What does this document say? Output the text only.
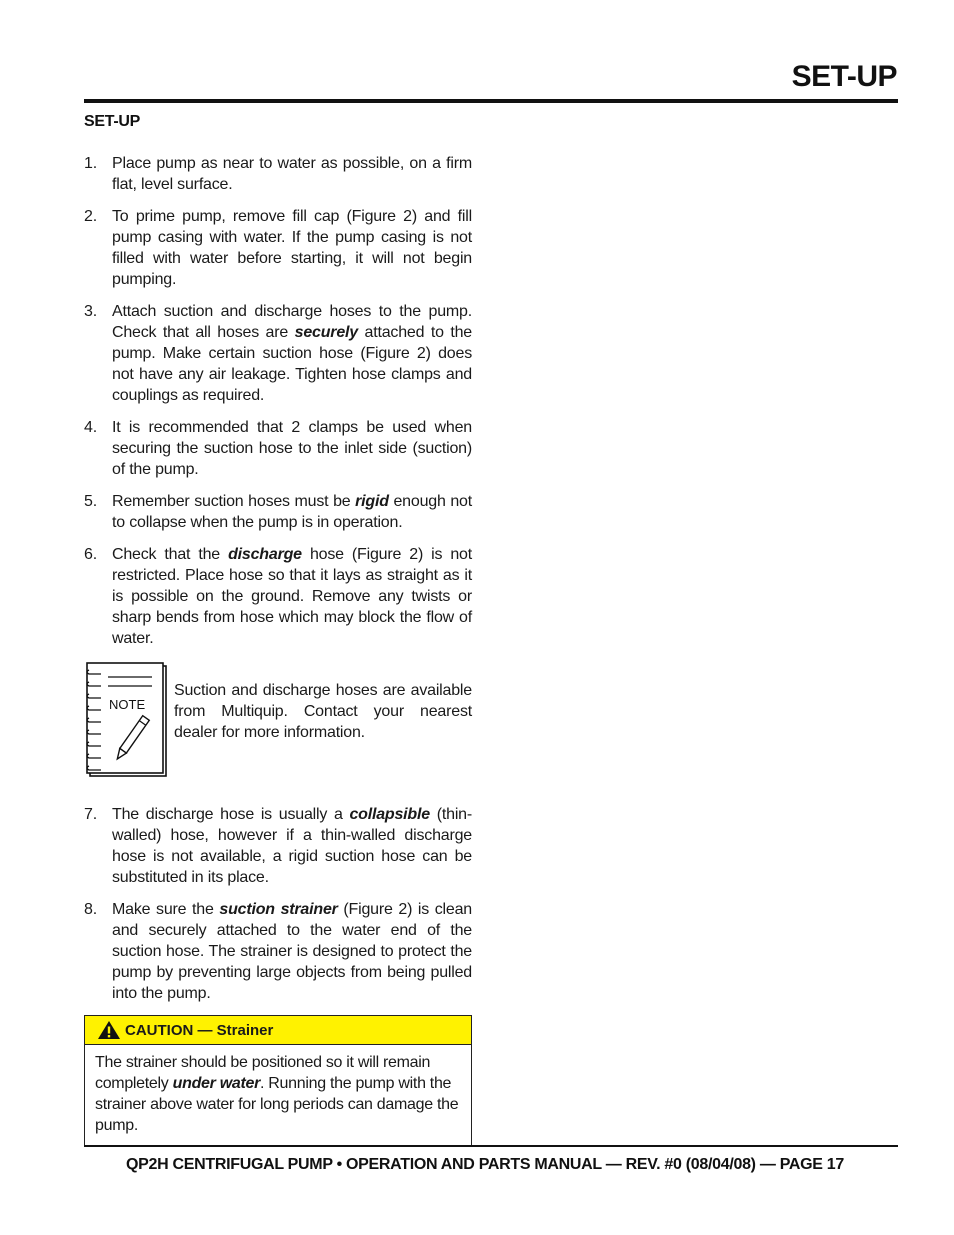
SET-UP
SET-UP
1. Place pump as near to water as possible, on a firm flat, level surface.
2. To prime pump, remove fill cap (Figure 2) and fill pump casing with water. If the pump casing is not filled with water before starting, it will not begin pumping.
3. Attach suction and discharge hoses to the pump. Check that all hoses are securely attached to the pump. Make certain suction hose (Figure 2) does not have any air leakage. Tighten hose clamps and couplings as required.
4. It is recommended that 2 clamps be used when securing the suction hose to the inlet side (suction) of the pump.
5. Remember suction hoses must be rigid enough not to collapse when the pump is in operation.
6. Check that the discharge hose (Figure 2) is not restricted. Place hose so that it lays as straight as it is possible on the ground. Remove any twists or sharp bends from hose which may block the flow of water.
NOTE
Suction and discharge hoses are available from Multiquip. Contact your nearest dealer for more information.
7. The discharge hose is usually a collapsible (thin-walled) hose, however if a thin-walled discharge hose is not available, a rigid suction hose can be substituted in its place.
8. Make sure the suction strainer (Figure 2) is clean and securely attached to the water end of the suction hose. The strainer is designed to protect the pump by preventing large objects from being pulled into the pump.
CAUTION — Strainer
The strainer should be positioned so it will remain completely under water. Running the pump with the strainer above water for long periods can damage the pump.
QP2H CENTRIFUGAL PUMP • OPERATION AND PARTS MANUAL — REV. #0 (08/04/08) — PAGE 17
